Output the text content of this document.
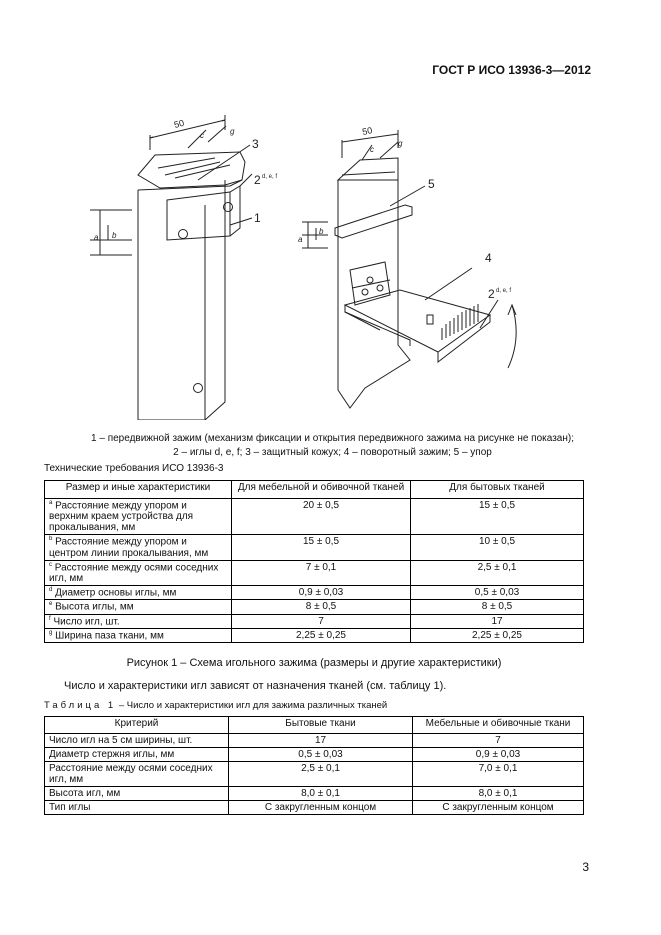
ГОСТ Р ИСО 13936-3—2012
50
c	g
a b
3
2 d, e, f
1
50
c
g
a
b
5
4
2 d, e, f
1 – передвижной зажим (механизм фиксации и открытия передвижного зажима на рисунке не показан);
2 – иглы d, e, f; 3 – защитный кожух; 4 – поворотный зажим; 5 – упор
Технические требования ИСО 13936-3
Размер и иные характеристики	Для мебельной и обивочной тканей	Для бытовых тканей
$^a$ Расстояние между упором и верхним краем устройства для прокалывания, мм	20 ± 0,5	15 ± 0,5
$^b$ Расстояние между упором и центром линии прокалывания, мм	15 ± 0,5	10 ± 0,5
$^c$ Расстояние между осями соседних игл, мм	7 ± 0,1	2,5 ± 0,1
$^d$ Диаметр основы иглы, мм	0,9 ± 0,03	0,5 ± 0,03
$^e$ Высота иглы, мм	8 ± 0,5	8 ± 0,5
$^f$ Число игл, шт.	7	17
$^g$ Ширина паза ткани, мм	2,25 ± 0,25	2,25 ± 0,25
Рисунок 1 – Схема игольного зажима (размеры и другие характеристики)
Число и характеристики игл зависят от назначения тканей (см. таблицу 1).
Таблица 1 – Число и характеристики игл для зажима различных тканей
Критерий	Бытовые ткани	Мебельные и обивочные ткани
Число игл на 5 см ширины, шт.	17	7
Диаметр стержня иглы, мм	0,5 ± 0,03	0,9 ± 0,03
Расстояние между осями соседних игл, мм	2,5 ± 0,1	7,0 ± 0,1
Высота игл, мм	8,0 ± 0,1	8,0 ± 0,1
Тип иглы	С закругленным концом	С закругленным концом
3
